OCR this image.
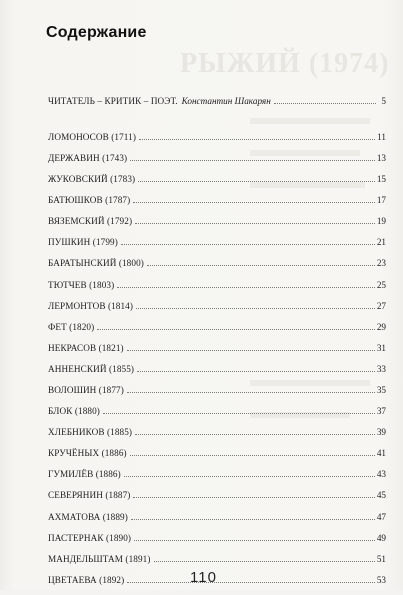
РЫЖИЙ (1974)
Содержание
ЧИТАТЕЛЬ – КРИТИК – ПОЭТ. Константин Шакарян	5
ЛОМОНОСОВ (1711)	11
ДЕРЖАВИН (1743)	13
ЖУКОВСКИЙ (1783)	15
БАТЮШКОВ (1787)	17
ВЯЗЕМСКИЙ (1792)	19
ПУШКИН (1799)	21
БАРАТЫНСКИЙ (1800)	23
ТЮТЧЕВ (1803)	25
ЛЕРМОНТОВ (1814)	27
ФЕТ (1820)	29
НЕКРАСОВ (1821)	31
АННЕНСКИЙ (1855)	33
ВОЛОШИН (1877)	35
БЛОК (1880)	37
ХЛЕБНИКОВ (1885)	39
КРУЧЁНЫХ (1886)	41
ГУМИЛЁВ (1886)	43
СЕВЕРЯНИН (1887)	45
АХМАТОВА (1889)	47
ПАСТЕРНАК (1890)	49
МАНДЕЛЬШТАМ (1891)	51
ЦВЕТАЕВА (1892)	53
110
